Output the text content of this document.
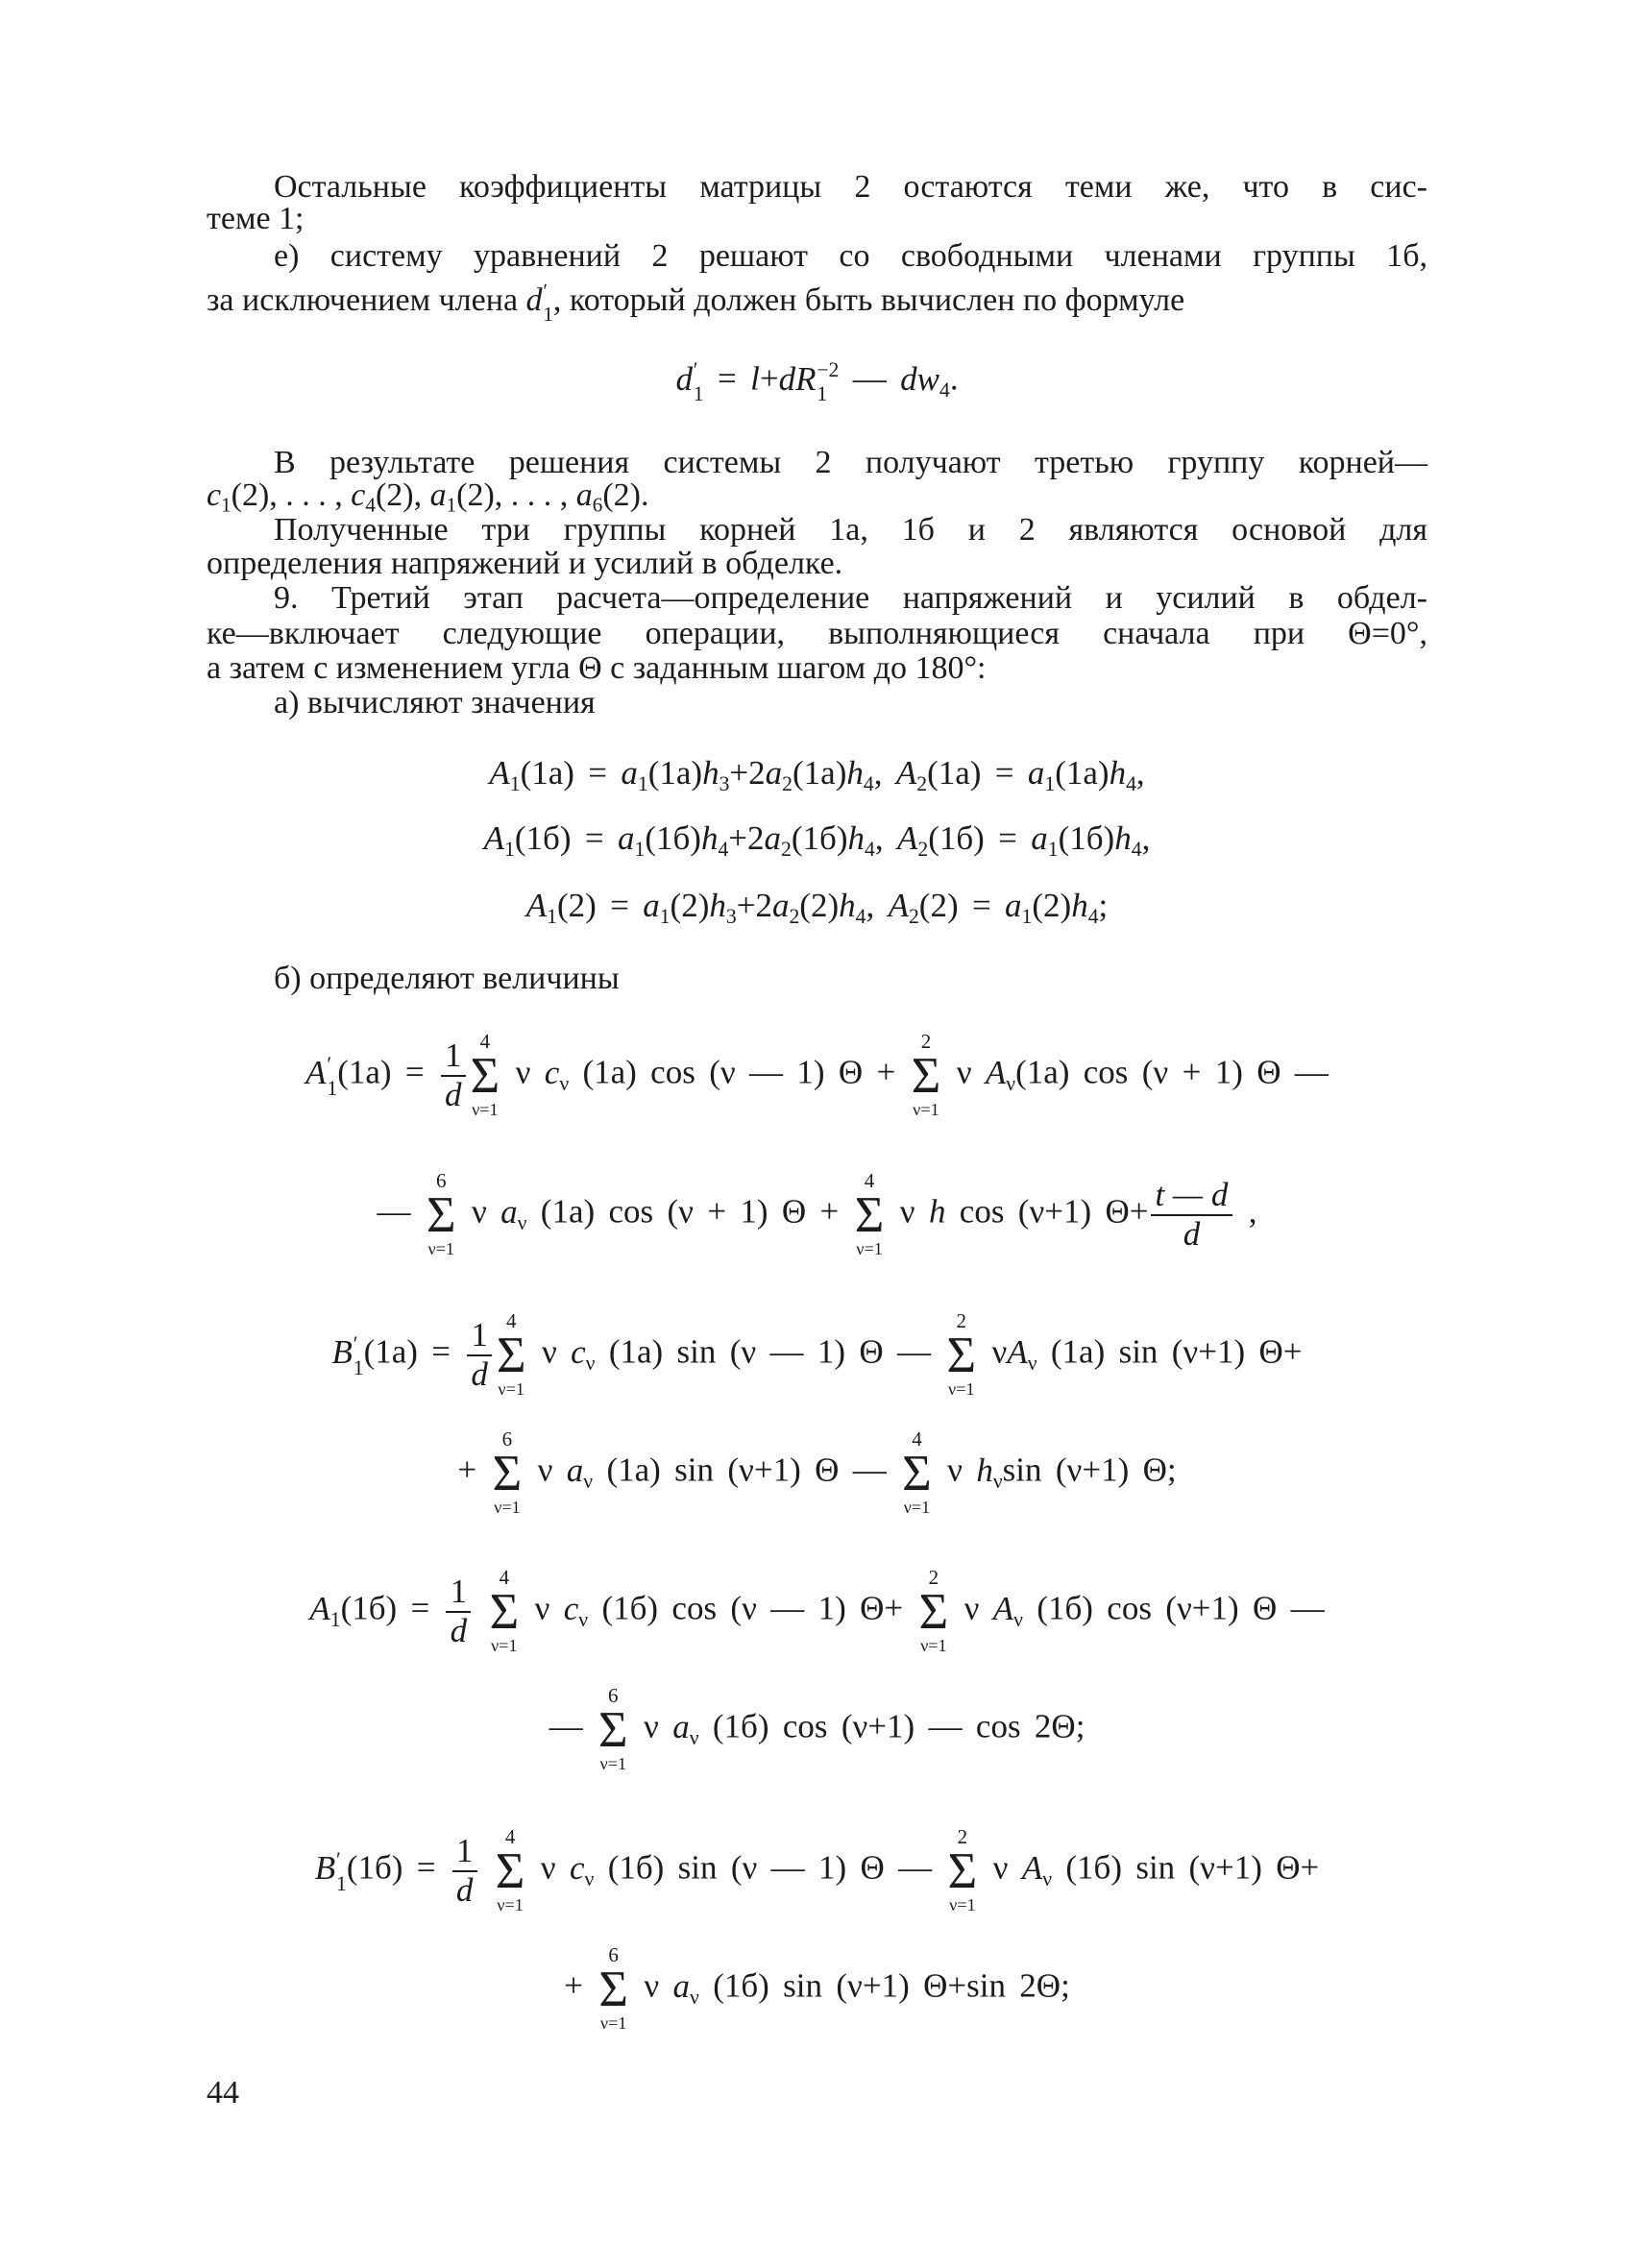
Остальные коэффициенты матрицы 2 остаются теми же, что в сис-
теме 1;
е) систему уравнений 2 решают со свободными членами группы 1б,
за исключением члена d ′
1 , который должен быть вычислен по формуле
d ′
1 = l+dR −2
1 — dw4.
В результате решения системы 2 получают третью группу корней—
c1(2), . . . , c4(2), a1(2), . . . , a6(2).
Полученные три группы корней 1а, 1б и 2 являются основой для
определения напряжений и усилий в обделке.
9. Третий этап расчета—определение напряжений и усилий в обдел-
ке—включает следующие операции, выполняющиеся сначала при Θ=0°,
а затем с изменением угла Θ с заданным шагом до 180°:
а) вычисляют значения
A1(1a) = a1(1a)h3+2a2(1a)h4, A2(1a) = a1(1a)h4,
A1(1б) = a1(1б)h4+2a2(1б)h4, A2(1б) = a1(1б)h4,
A1(2) = a1(2)h3+2a2(2)h4, A2(2) = a1(2)h4;
б) определяют величины
A ′
1 $(1a) = \frac{1}{d} 4$
Σ
ν=1
ν cν (1a) cos (ν — 1) Θ +
2
Σ
ν=1
ν Aν(1a) cos (ν + 1) Θ —
—
6
Σ
ν=1
ν aν (1a) cos (ν + 1) Θ +
4
Σ
ν=1
ν h cos (ν+1) $\Theta+ \frac{t — d}{d}$ ,
B ′
1 $(1a) = \frac{1}{d} 4$
Σ
ν=1
ν cν (1a) sin (ν — 1) Θ —
2
Σ
ν=1
νAν (1a) sin (ν+1) Θ+
+
6
Σ
ν=1
ν aν (1a) sin (ν+1) Θ —
4
Σ
ν=1
ν hνsin (ν+1) Θ;
$A1(1б) = \frac{1}{d}$
4
Σ
ν=1
ν cν (1б) cos (ν — 1) Θ+
2
Σ
ν=1
ν Aν (1б) cos (ν+1) Θ —
—
6
Σ
ν=1
ν aν (1б) cos (ν+1) — cos 2Θ;
B ′
1 $(1б) = \frac{1}{d}$
4
Σ
ν=1
ν cν (1б) sin (ν — 1) Θ —
2
Σ
ν=1
ν Aν (1б) sin (ν+1) Θ+
+
6
Σ
ν=1
ν aν (1б) sin (ν+1) Θ+sin 2Θ;
44
